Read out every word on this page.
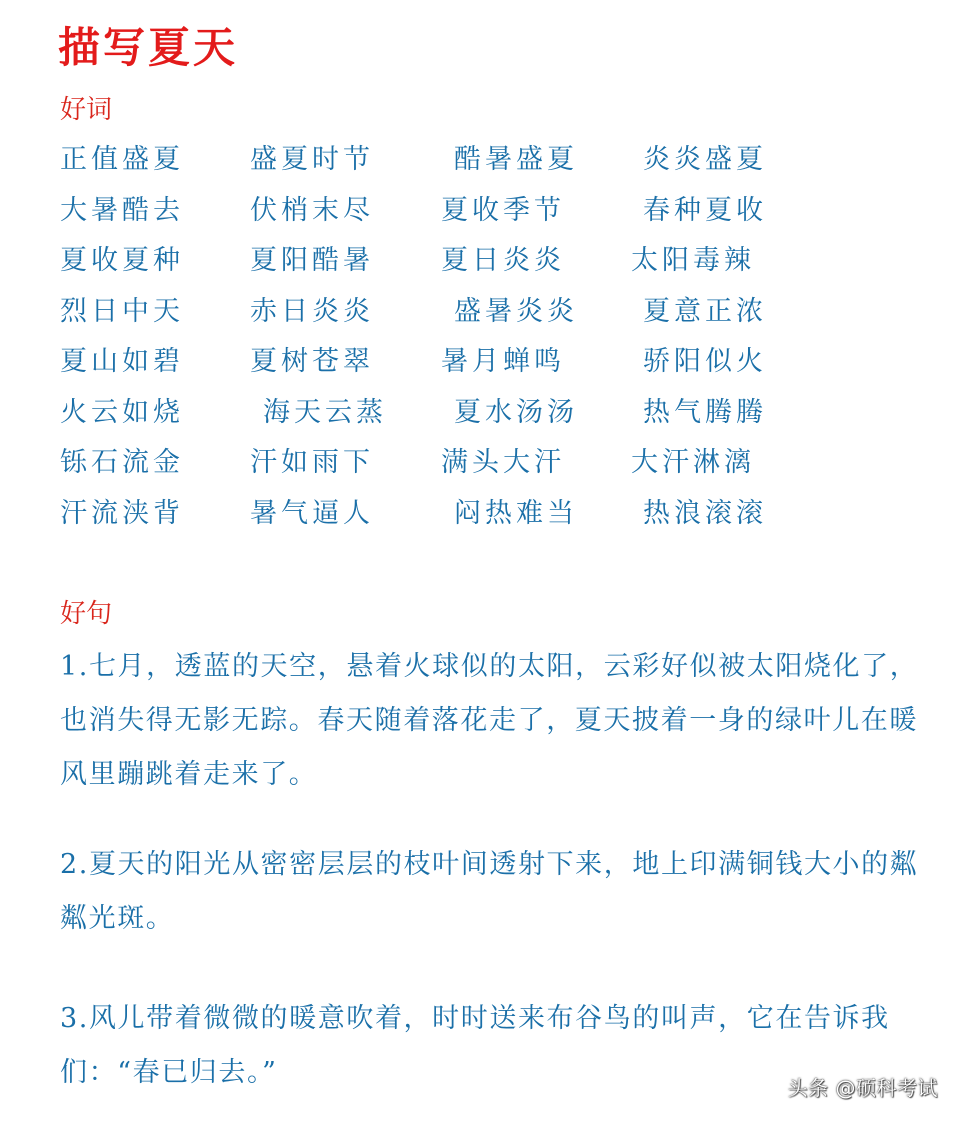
描写夏天
好词
正值盛夏 盛夏时节	酷暑盛夏 炎炎盛夏
大暑酷去 伏梢末尽 夏收季节	春种夏收
夏收夏种 夏阳酷暑 夏日炎炎 太阳毒辣
烈日中天 赤日炎炎	盛暑炎炎 夏意正浓
夏山如碧 夏树苍翠 暑月蝉鸣	骄阳似火
火云如烧	海天云蒸 夏水汤汤 热气腾腾
铄石流金 汗如雨下 满头大汗 大汗淋漓
汗流浃背 暑气逼人	闷热难当 热浪滚滚
好句
1.七月，透蓝的天空，悬着火球似的太阳，云彩好似被太阳烧化了，也消失得无影无踪。春天随着落花走了，夏天披着一身的绿叶儿在暖风里蹦跳着走来了。
2.夏天的阳光从密密层层的枝叶间透射下来，地上印满铜钱大小的粼粼光斑。
3.风儿带着微微的暖意吹着，时时送来布谷鸟的叫声，它在告诉我们：“春已归去。”	头条 @硕科考试
